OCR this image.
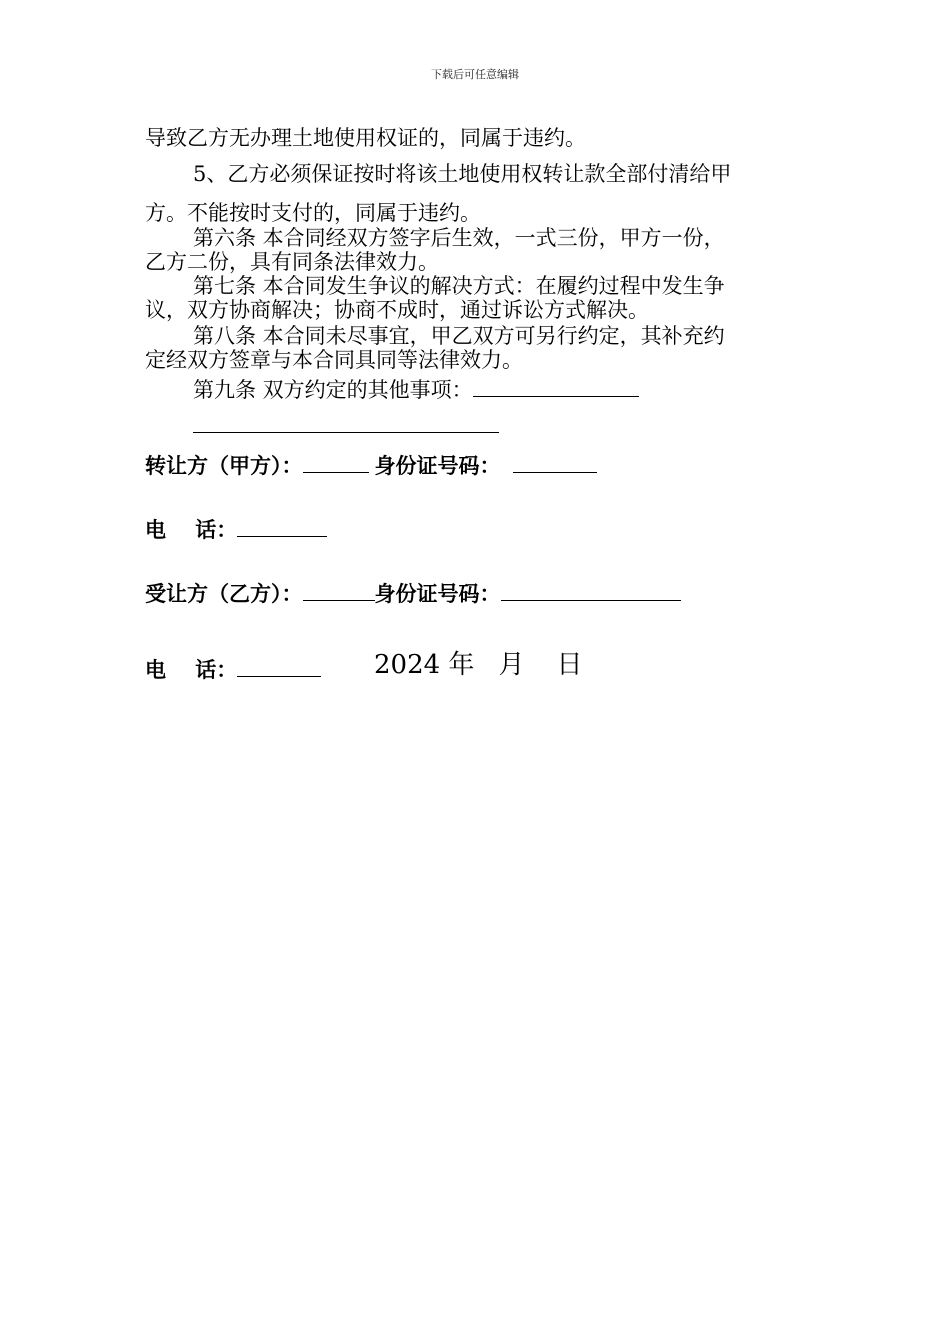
下载后可任意编辑
导致乙方无办理土地使用权证的，同属于违约。
5、乙方必须保证按时将该土地使用权转让款全部付清给甲
方。不能按时支付的，同属于违约。
第六条 本合同经双方签字后生效，一式三份，甲方一份，
乙方二份，具有同条法律效力。
第七条 本合同发生争议的解决方式：在履约过程中发生争
议，双方协商解决；协商不成时，通过诉讼方式解决。
第八条 本合同未尽事宜，甲乙双方可另行约定，其补充约
定经双方签章与本合同具同等法律效力。
第九条 双方约定的其他事项：
转让方（甲方）：	身份证号码：
电    话：
受让方（乙方）：	身份证号码：
电    话：	2024 年 月 日
